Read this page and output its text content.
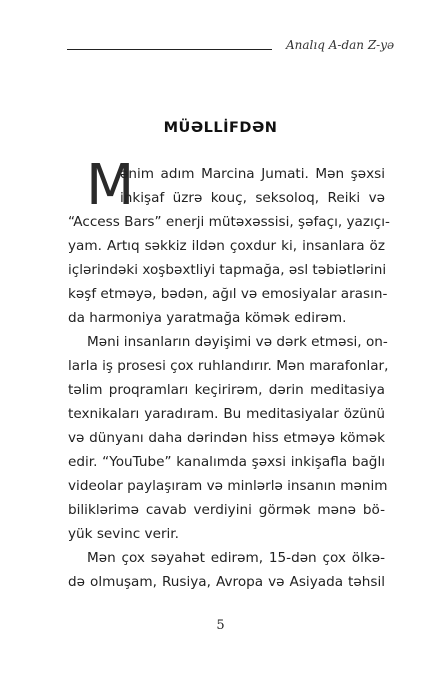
Analıq A-dan Z-yə
MÜƏLLİFDƏN
M
ənim adım Marcina Jumati. Mən şəxsi
inkişaf üzrə kouç, seksoloq, Reiki və
“Access Bars” enerji mütəxəssisi, şəfaçı, yazıçı-
yam. Artıq səkkiz ildən çoxdur ki, insanlara öz
içlərindəki xoşbəxtliyi tapmağa, əsl təbiətlərini
kəşf etməyə, bədən, ağıl və emosiyalar arasın-
da harmoniya yaratmağa kömək edirəm.
Məni insanların dəyişimi və dərk etməsi, on-
larla iş prosesi çox ruhlandırır. Mən marafonlar,
təlim proqramları keçirirəm, dərin meditasiya
texnikaları yaradıram. Bu meditasiyalar özünü
və dünyanı daha dərindən hiss etməyə kömək
edir. “YouTube” kanalımda şəxsi inkişafla bağlı
videolar paylaşıram və minlərlə insanın mənim
biliklərimə cavab verdiyini görmək mənə bö-
yük sevinc verir.
Mən çox səyahət edirəm, 15-dən çox ölkə-
də olmuşam, Rusiya, Avropa və Asiyada təhsil
5
